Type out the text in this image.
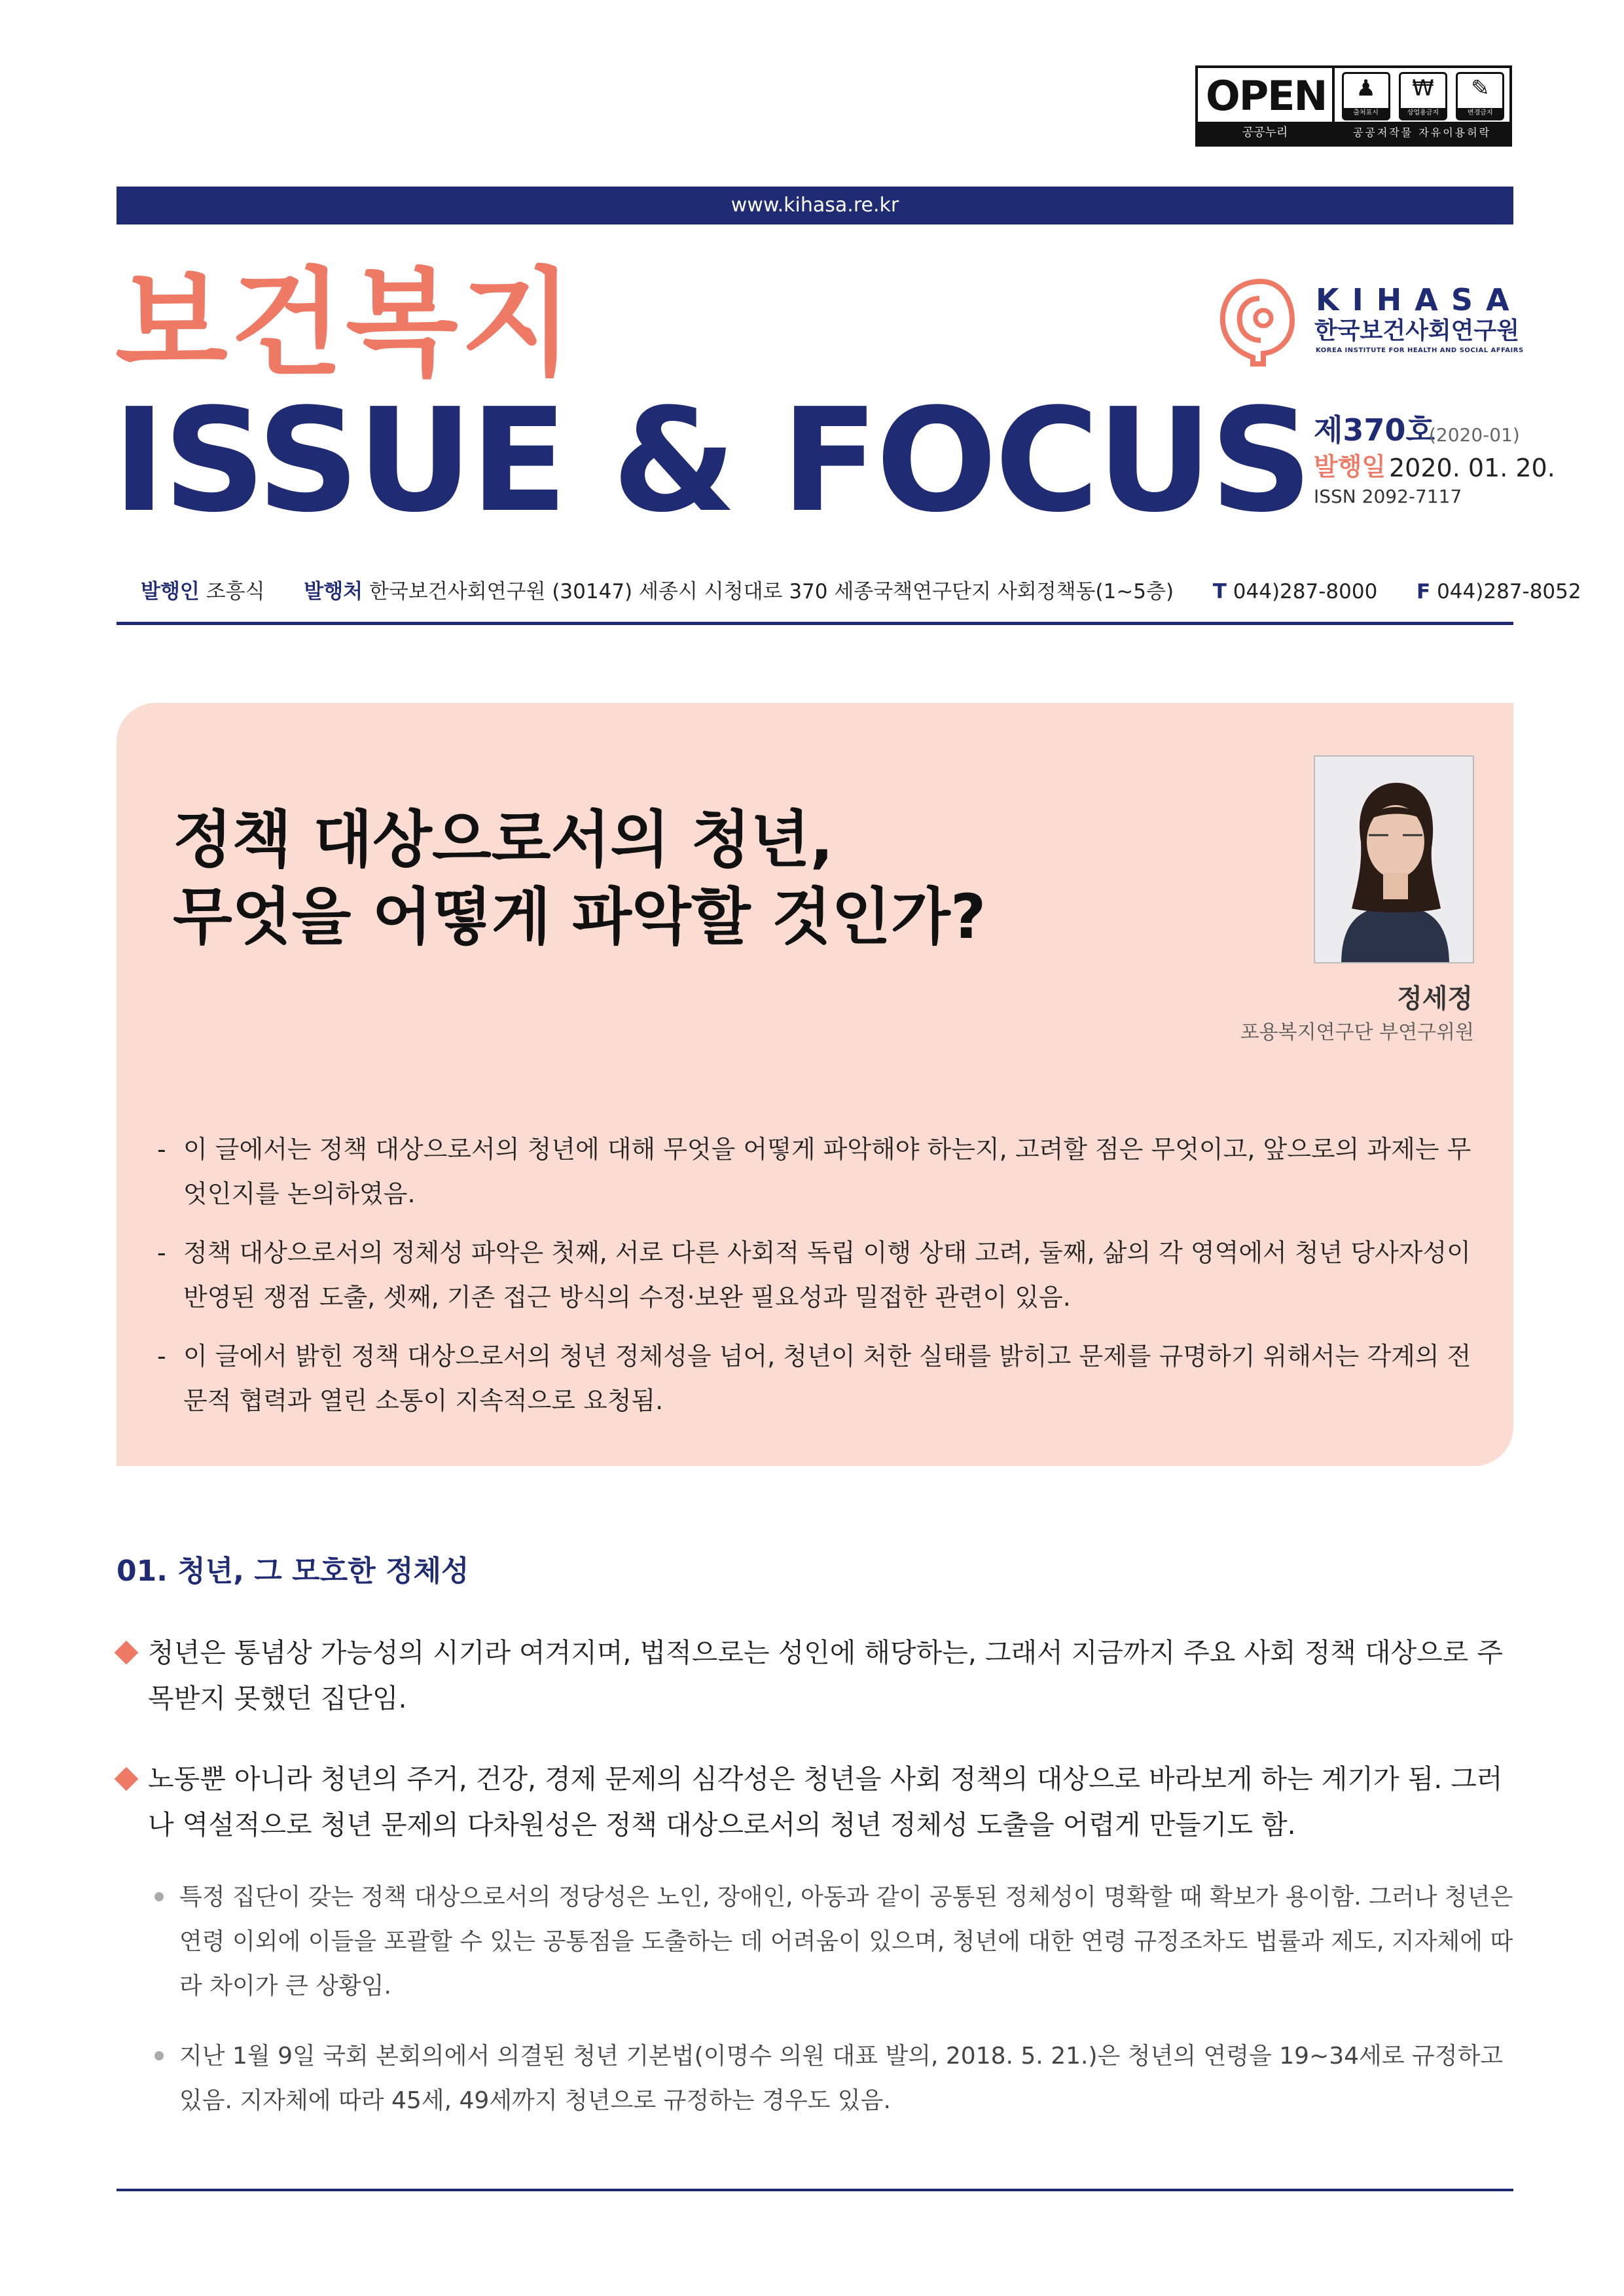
OPEN
공공누리
♟
출처표시
₩
상업용금지
✎
변경금지
공공저작물 자유이용허락
www.kihasa.re.kr
보건복지
ISSUE & FOCUS
KIHASA
한국보건사회연구원
KOREA INSTITUTE FOR HEALTH AND SOCIAL AFFAIRS
제370호
(2020-01)
발행일 2020. 01. 20.
ISSN 2092-7117
발행인 조흥식 발행처 한국보건사회연구원 (30147) 세종시 시청대로 370 세종국책연구단지 사회정책동(1~5층) T 044)287-8000 F 044)287-8052
정책 대상으로서의 청년,
무엇을 어떻게 파악할 것인가?
정세정
포용복지연구단 부연구위원
- 이 글에서는 정책 대상으로서의 청년에 대해 무엇을 어떻게 파악해야 하는지, 고려할 점은 무엇이고, 앞으로의 과제는 무엇인지를 논의하였음.
- 정책 대상으로서의 정체성 파악은 첫째, 서로 다른 사회적 독립 이행 상태 고려, 둘째, 삶의 각 영역에서 청년 당사자성이 반영된 쟁점 도출, 셋째, 기존 접근 방식의 수정·보완 필요성과 밀접한 관련이 있음.
- 이 글에서 밝힌 정책 대상으로서의 청년 정체성을 넘어, 청년이 처한 실태를 밝히고 문제를 규명하기 위해서는 각계의 전문적 협력과 열린 소통이 지속적으로 요청됨.
01. 청년, 그 모호한 정체성
청년은 통념상 가능성의 시기라 여겨지며, 법적으로는 성인에 해당하는, 그래서 지금까지 주요 사회 정책 대상으로 주목받지 못했던 집단임.
노동뿐 아니라 청년의 주거, 건강, 경제 문제의 심각성은 청년을 사회 정책의 대상으로 바라보게 하는 계기가 됨. 그러나 역설적으로 청년 문제의 다차원성은 정책 대상으로서의 청년 정체성 도출을 어렵게 만들기도 함.
특정 집단이 갖는 정책 대상으로서의 정당성은 노인, 장애인, 아동과 같이 공통된 정체성이 명확할 때 확보가 용이함. 그러나 청년은 연령 이외에 이들을 포괄할 수 있는 공통점을 도출하는 데 어려움이 있으며, 청년에 대한 연령 규정조차도 법률과 제도, 지자체에 따라 차이가 큰 상황임.
지난 1월 9일 국회 본회의에서 의결된 청년 기본법(이명수 의원 대표 발의, 2018. 5. 21.)은 청년의 연령을 19~34세로 규정하고 있음. 지자체에 따라 45세, 49세까지 청년으로 규정하는 경우도 있음.
